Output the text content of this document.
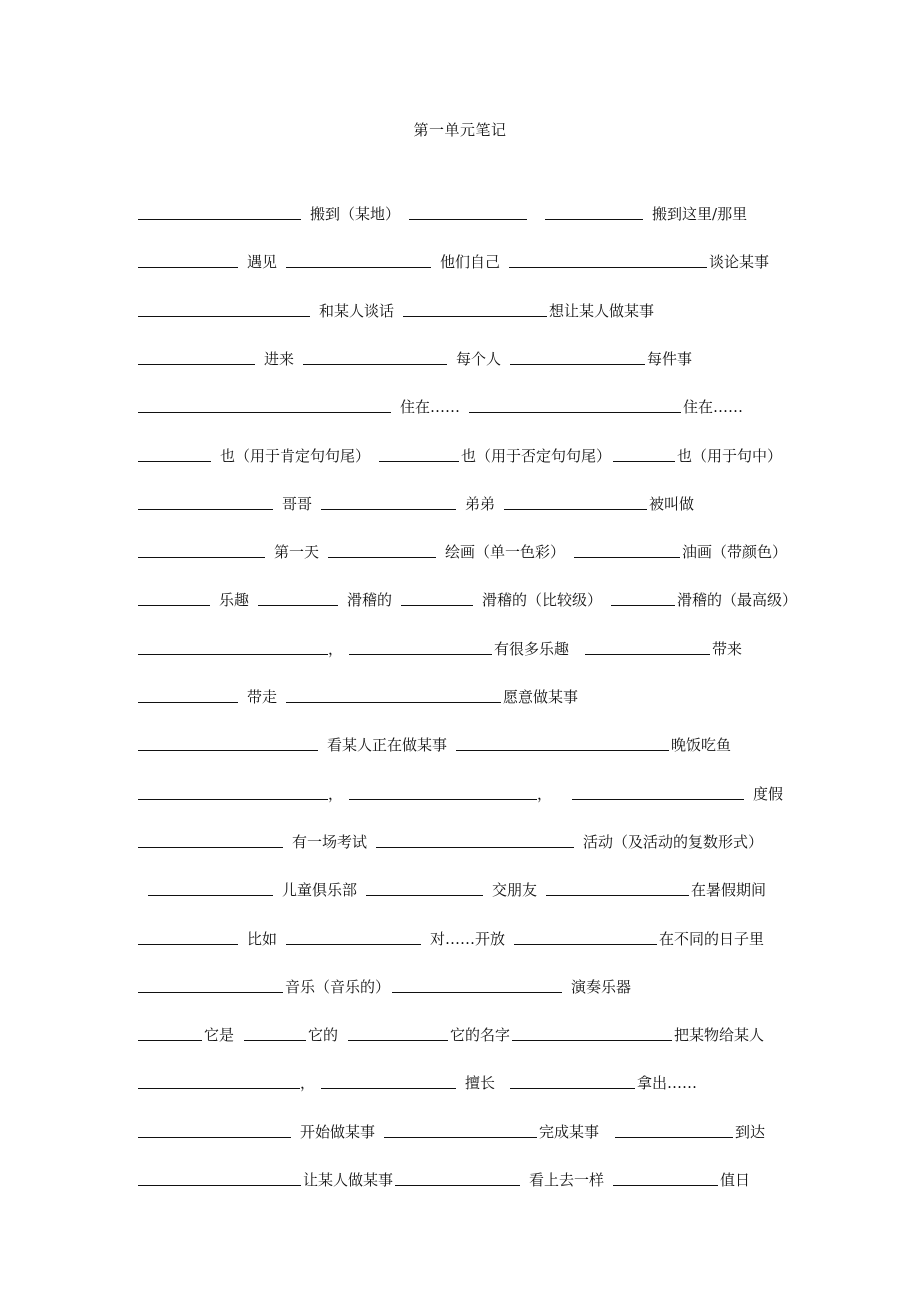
第一单元笔记
搬到（某地）	搬到这里/那里
遇见	他们自己	谈论某事
和某人谈话	想让某人做某事
进来	每个人	每件事
住在……	住在……
也（用于肯定句句尾）	也（用于否定句句尾）	也（用于句中）
哥哥	弟弟	被叫做
第一天	绘画（单一色彩）	油画（带颜色）
乐趣	滑稽的	滑稽的（比较级）	滑稽的（最高级）
，	有很多乐趣	带来
带走	愿意做某事
看某人正在做某事	晚饭吃鱼
，	，	度假
有一场考试	活动（及活动的复数形式）
儿童俱乐部	交朋友	在暑假期间
比如	对……开放	在不同的日子里
音乐（音乐的）	演奏乐器
它是	它的	它的名字	把某物给某人
，	擅长	拿出……
开始做某事	完成某事	到达
让某人做某事	看上去一样	值日
